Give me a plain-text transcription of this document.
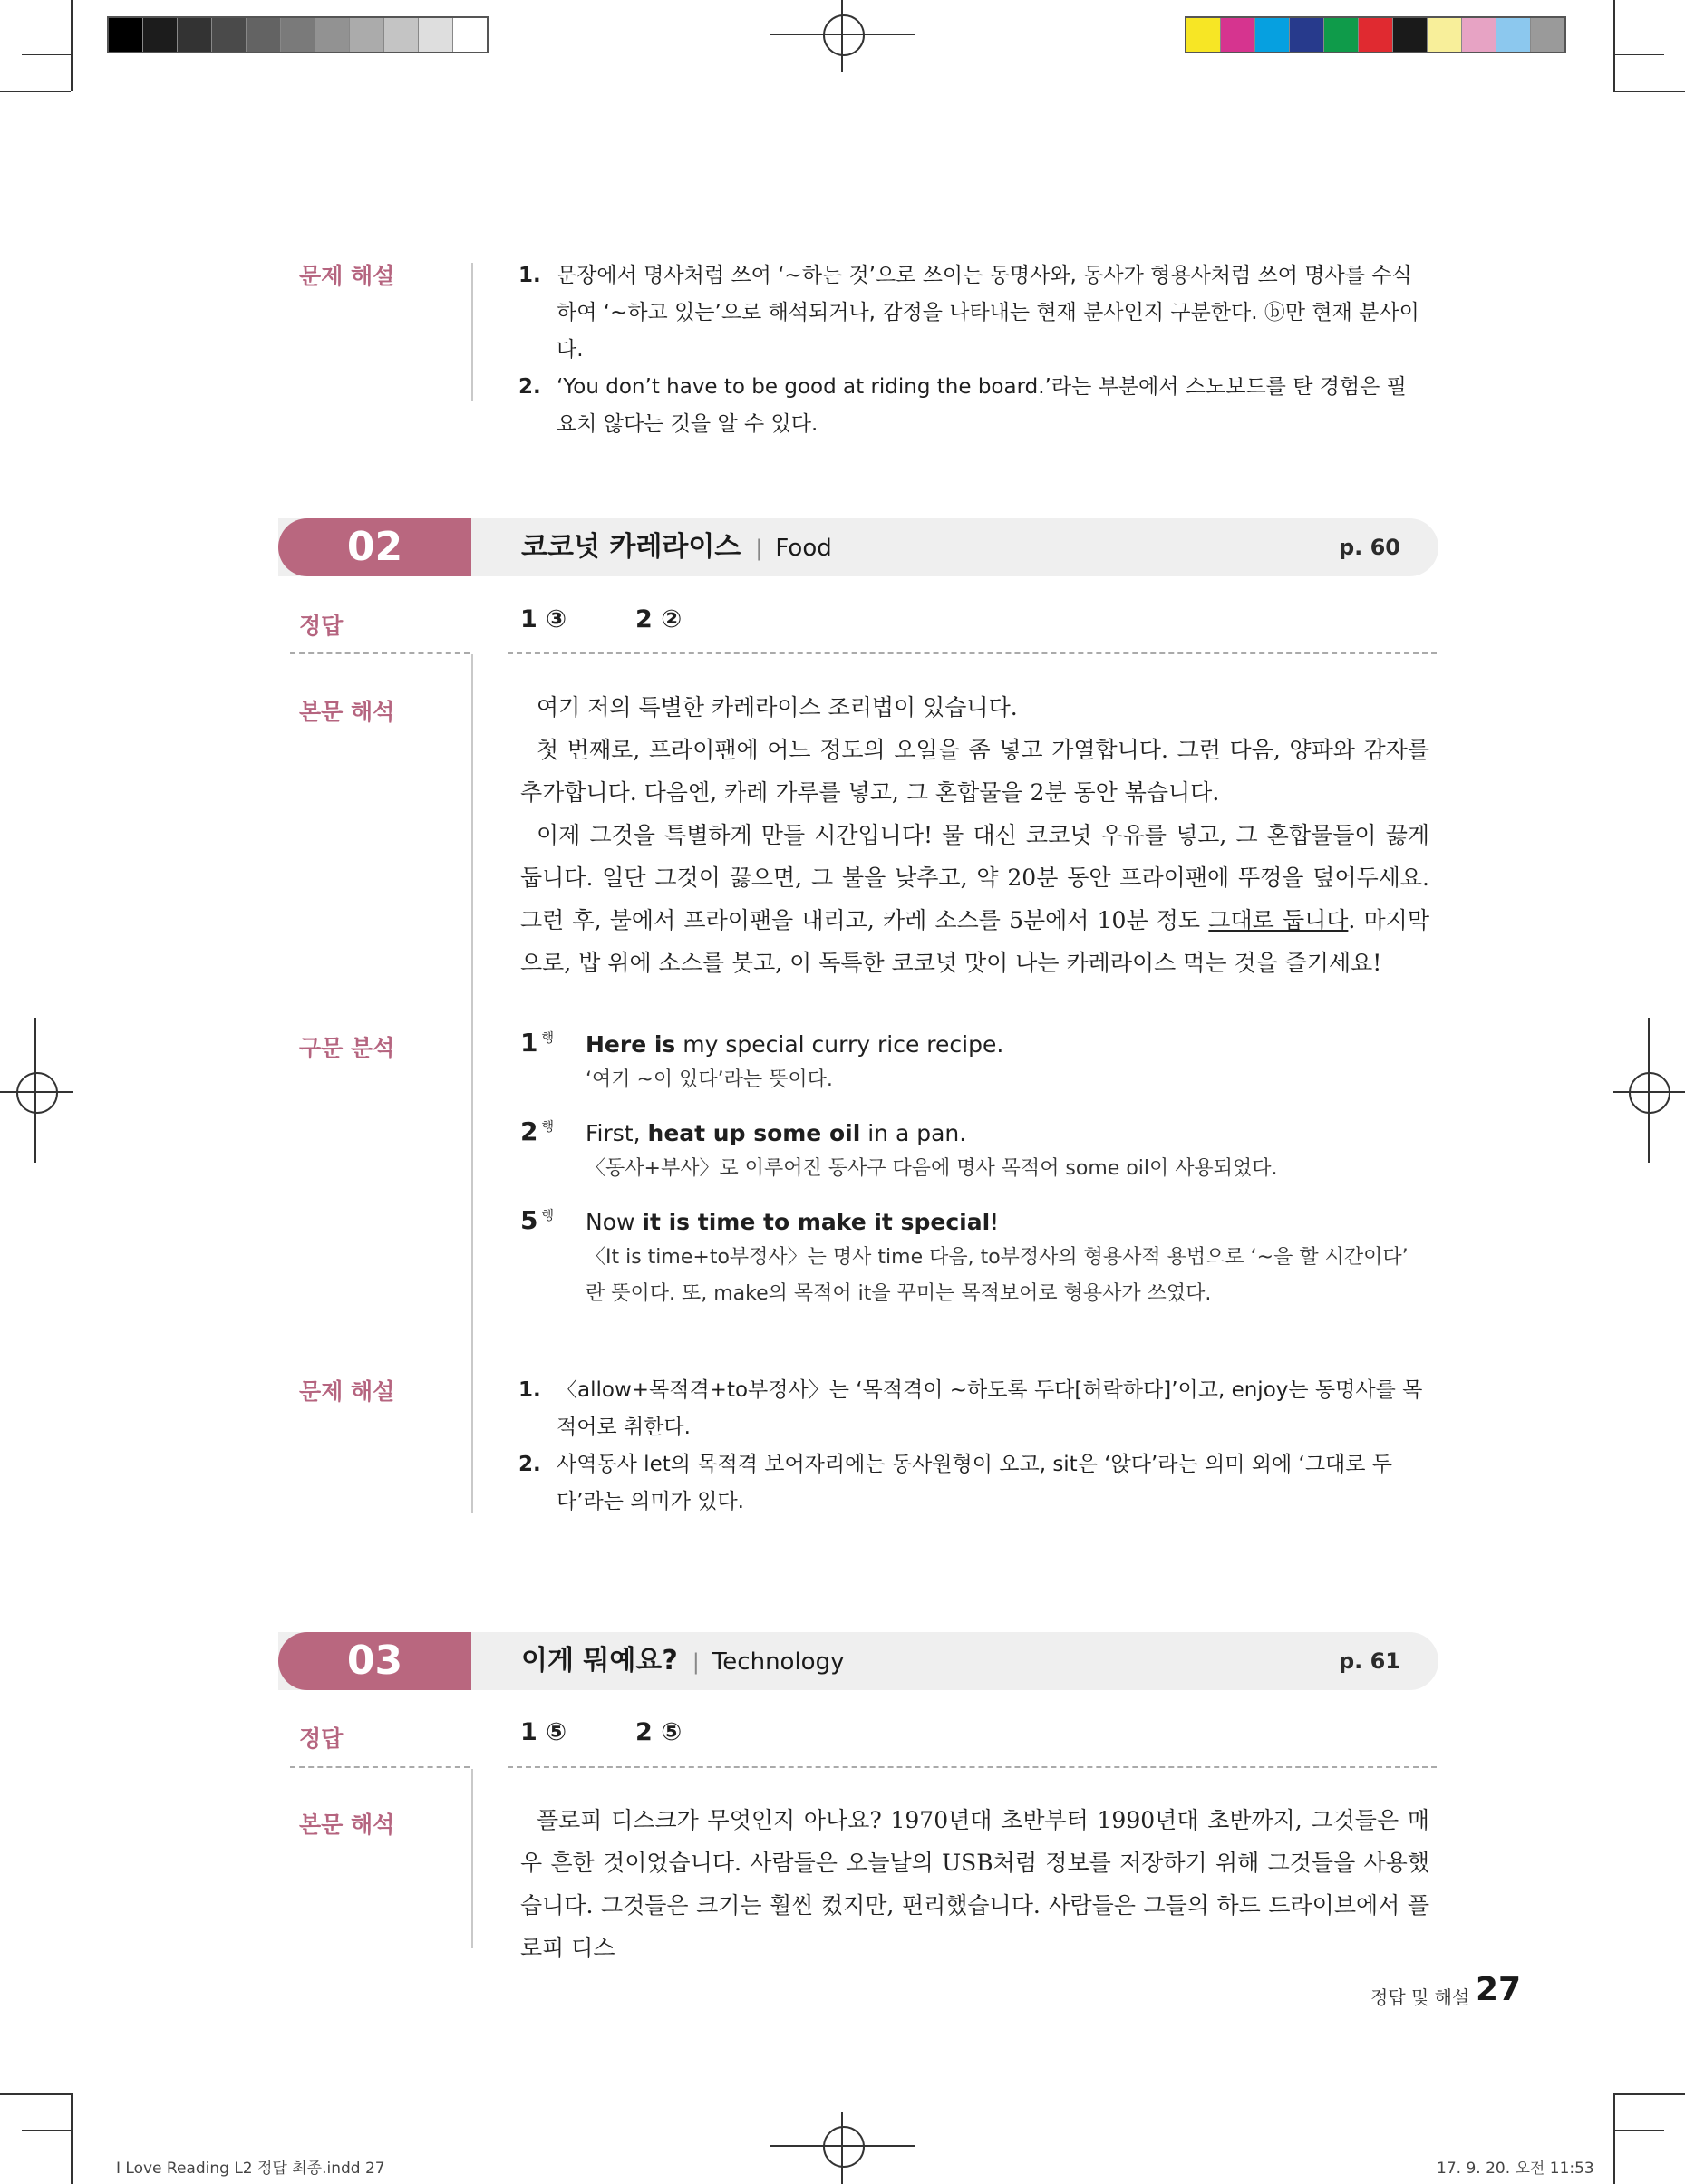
문제 해설	1. 문장에서 명사처럼 쓰여 ‘~하는 것’으로 쓰이는 동명사와, 동사가 형용사처럼 쓰여 명사를 수식하여 ‘~하고 있는’으로 해석되거나, 감정을 나타내는 현재 분사인지 구분한다. ⓑ만 현재 분사이다.
2. ‘You don’t have to be good at riding the board.’라는 부분에서 스노보드를 탄 경험은 필요치 않다는 것을 알 수 있다.
02	코코넛 카레라이스 | Food	p. 60
정답	1 ③	2 ②
본문 해석	여기 저의 특별한 카레라이스 조리법이 있습니다.

첫 번째로, 프라이팬에 어느 정도의 오일을 좀 넣고 가열합니다. 그런 다음, 양파와 감자를 추가합니다. 다음엔, 카레 가루를 넣고, 그 혼합물을 2분 동안 볶습니다.

이제 그것을 특별하게 만들 시간입니다! 물 대신 코코넛 우유를 넣고, 그 혼합물들이 끓게 둡니다. 일단 그것이 끓으면, 그 불을 낮추고, 약 20분 동안 프라이팬에 뚜껑을 덮어두세요. 그런 후, 불에서 프라이팬을 내리고, 카레 소스를 5분에서 10분 정도 그대로 둡니다. 마지막으로, 밥 위에 소스를 붓고, 이 독특한 코코넛 맛이 나는 카레라이스 먹는 것을 즐기세요!

구문 분석	1 $^행$ Here is my special curry rice recipe.
‘여기 ~이 있다’라는 뜻이다.
2 $^행$ First, heat up some oil in a pan.
〈동사+부사〉로 이루어진 동사구 다음에 명사 목적어 some oil이 사용되었다.
5 $^행$ Now it is time to make it special!
〈It is time+to부정사〉는 명사 time 다음, to부정사의 형용사적 용법으로 ‘~을 할 시간이다’
란 뜻이다. 또, make의 목적어 it을 꾸미는 목적보어로 형용사가 쓰였다.
문제 해설	1. 〈allow+목적격+to부정사〉는 ‘목적격이 ~하도록 두다[허락하다]’이고, enjoy는 동명사를 목적어로 취한다.
2. 사역동사 let의 목적격 보어자리에는 동사원형이 오고, sit은 ‘앉다’라는 의미 외에 ‘그대로 두다’라는 의미가 있다.
03	이게 뭐예요? | Technology	p. 61
정답	1 ⑤	2 ⑤
본문 해석	플로피 디스크가 무엇인지 아나요? 1970년대 초반부터 1990년대 초반까지, 그것들은 매우 흔한 것이었습니다. 사람들은 오늘날의 USB처럼 정보를 저장하기 위해 그것들을 사용했습니다. 그것들은 크기는 훨씬 컸지만, 편리했습니다. 사람들은 그들의 하드 드라이브에서 플로피 디스

정답 및 해설 27
I Love Reading L2 정답 최종.indd 27	17. 9. 20. 오전 11:53
